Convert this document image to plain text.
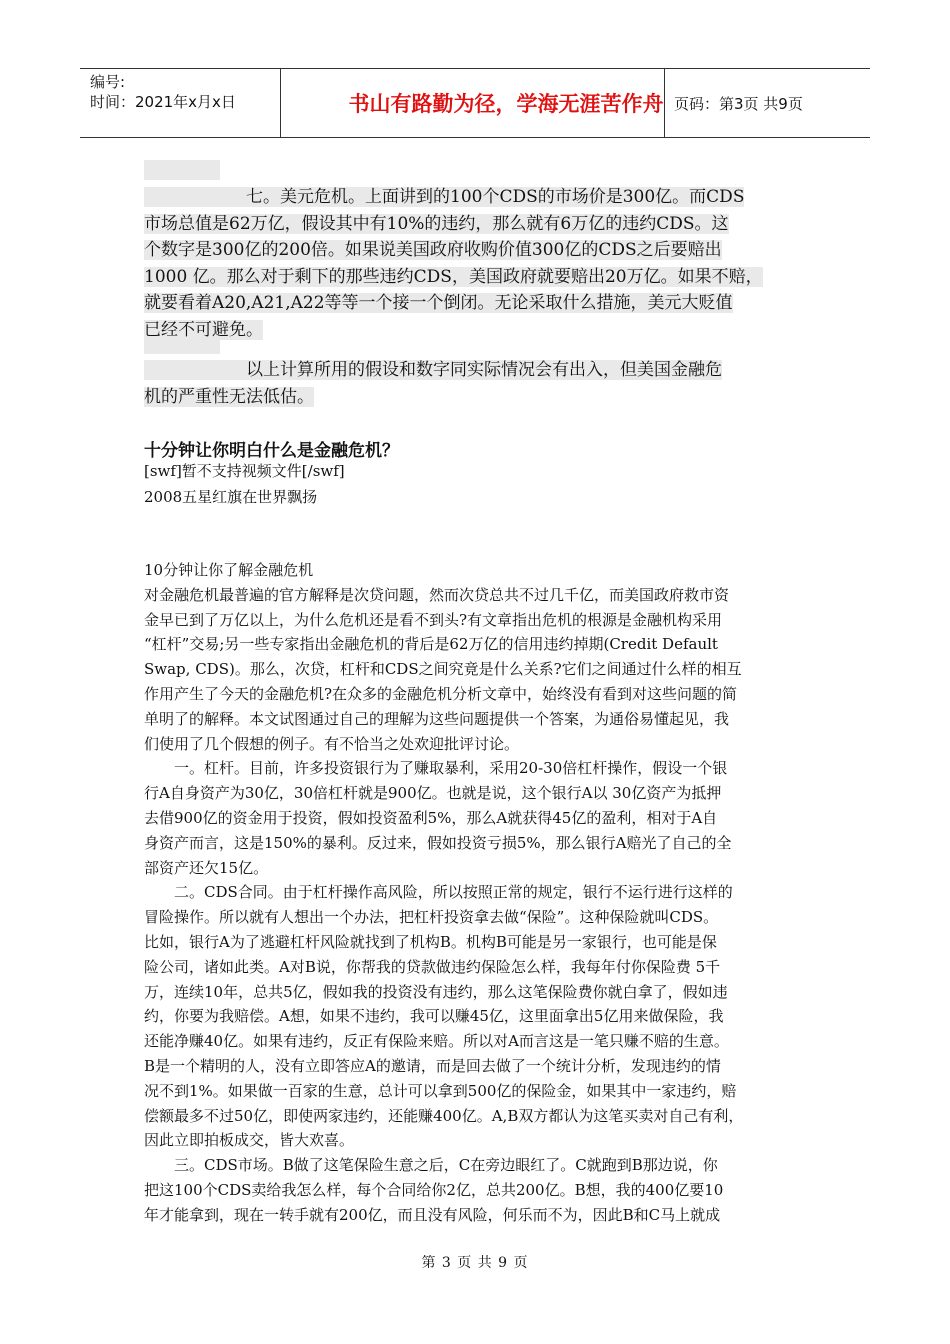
编号:
时间：2021年x月x日	书山有路勤为径，学海无涯苦作舟 页码：第3页 共9页
　　　　　　七。美元危机。上面讲到的100个CDS的市场价是300亿。而CDS
市场总值是62万亿，假设其中有10%的违约，那么就有6万亿的违约CDS。这
个数字是300亿的200倍。如果说美国政府收购价值300亿的CDS之后要赔出
1000 亿。那么对于剩下的那些违约CDS，美国政府就要赔出20万亿。如果不赔，
就要看着A20,A21,A22等等一个接一个倒闭。无论采取什么措施，美元大贬值
已经不可避免。
　　　　　　以上计算所用的假设和数字同实际情况会有出入，但美国金融危
机的严重性无法低估。
十分钟让你明白什么是金融危机？
[swf]暂不支持视频文件[/swf]
2008五星红旗在世界飘扬
10分钟让你了解金融危机
对金融危机最普遍的官方解释是次贷问题，然而次贷总共不过几千亿，而美国政府救市资
金早已到了万亿以上，为什么危机还是看不到头?有文章指出危机的根源是金融机构采用
“杠杆”交易;另一些专家指出金融危机的背后是62万亿的信用违约掉期(Credit Default
Swap, CDS)。那么，次贷，杠杆和CDS之间究竟是什么关系?它们之间通过什么样的相互
作用产生了今天的金融危机?在众多的金融危机分析文章中，始终没有看到对这些问题的简
单明了的解释。本文试图通过自己的理解为这些问题提供一个答案，为通俗易懂起见，我
们使用了几个假想的例子。有不恰当之处欢迎批评讨论。
　　一。杠杆。目前，许多投资银行为了赚取暴利，采用20-30倍杠杆操作，假设一个银
行A自身资产为30亿，30倍杠杆就是900亿。也就是说，这个银行A以 30亿资产为抵押
去借900亿的资金用于投资，假如投资盈利5%，那么A就获得45亿的盈利，相对于A自
身资产而言，这是150%的暴利。反过来，假如投资亏损5%，那么银行A赔光了自己的全
部资产还欠15亿。
　　二。CDS合同。由于杠杆操作高风险，所以按照正常的规定，银行不运行进行这样的
冒险操作。所以就有人想出一个办法，把杠杆投资拿去做“保险”。这种保险就叫CDS。
比如，银行A为了逃避杠杆风险就找到了机构B。机构B可能是另一家银行，也可能是保
险公司，诸如此类。A对B说，你帮我的贷款做违约保险怎么样，我每年付你保险费 5千
万，连续10年，总共5亿，假如我的投资没有违约，那么这笔保险费你就白拿了，假如违
约，你要为我赔偿。A想，如果不违约，我可以赚45亿，这里面拿出5亿用来做保险，我
还能净赚40亿。如果有违约，反正有保险来赔。所以对A而言这是一笔只赚不赔的生意。
B是一个精明的人，没有立即答应A的邀请，而是回去做了一个统计分析，发现违约的情
况不到1%。如果做一百家的生意，总计可以拿到500亿的保险金，如果其中一家违约，赔
偿额最多不过50亿，即使两家违约，还能赚400亿。A,B双方都认为这笔买卖对自己有利，
因此立即拍板成交，皆大欢喜。
　　三。CDS市场。B做了这笔保险生意之后，C在旁边眼红了。C就跑到B那边说，你
把这100个CDS卖给我怎么样，每个合同给你2亿，总共200亿。B想，我的400亿要10
年才能拿到，现在一转手就有200亿，而且没有风险，何乐而不为，因此B和C马上就成
第 3 页 共 9 页
